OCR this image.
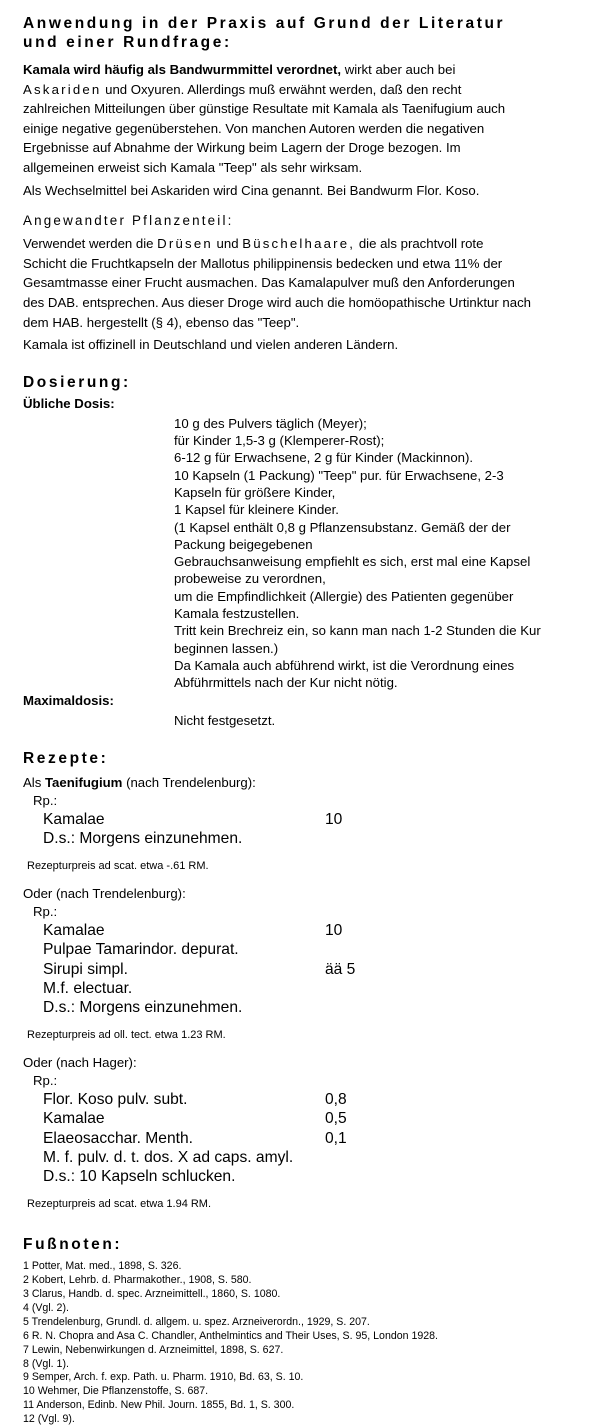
Anwendung in der Praxis auf Grund der Literatur
und einer Rundfrage:

Kamala wird häufig als Bandwurmmittel verordnet, wirkt aber auch bei
Askariden und Oxyuren. Allerdings muß erwähnt werden, daß den recht
zahlreichen Mitteilungen über günstige Resultate mit Kamala als Taenifugium auch
einige negative gegenüberstehen. Von manchen Autoren werden die negativen
Ergebnisse auf Abnahme der Wirkung beim Lagern der Droge bezogen. Im
allgemeinen erweist sich Kamala "Teep" als sehr wirksam.

Als Wechselmittel bei Askariden wird Cina genannt. Bei Bandwurm Flor. Koso.

Angewandter Pflanzenteil:

Verwendet werden die Drüsen und Büschelhaare, die als prachtvoll rote
Schicht die Fruchtkapseln der Mallotus philippinensis bedecken und etwa 11% der
Gesamtmasse einer Frucht ausmachen. Das Kamalapulver muß den Anforderungen
des DAB. entsprechen. Aus dieser Droge wird auch die homöopathische Urtinktur nach
dem HAB. hergestellt (§ 4), ebenso das "Teep".

Kamala ist offizinell in Deutschland und vielen anderen Ländern.

Dosierung:

Übliche Dosis:

10 g des Pulvers täglich (Meyer);
für Kinder 1,5-3 g (Klemperer-Rost);
6-12 g für Erwachsene, 2 g für Kinder (Mackinnon).
10 Kapseln (1 Packung) "Teep" pur. für Erwachsene, 2-3
Kapseln für größere Kinder,
1 Kapsel für kleinere Kinder.
(1 Kapsel enthält 0,8 g Pflanzensubstanz. Gemäß der der
Packung beigegebenen
Gebrauchsanweisung empfiehlt es sich, erst mal eine Kapsel
probeweise zu verordnen,
um die Empfindlichkeit (Allergie) des Patienten gegenüber
Kamala festzustellen.
Tritt kein Brechreiz ein, so kann man nach 1-2 Stunden die Kur
beginnen lassen.)
Da Kamala auch abführend wirkt, ist die Verordnung eines
Abführmittels nach der Kur nicht nötig.

Maximaldosis:

Nicht festgesetzt.
Rezepte:

Als Taenifugium (nach Trendelenburg):

Rp.:

Kamalae	10
D.s.: Morgens einzunehmen.

Rezepturpreis ad scat. etwa -.61 RM.

Oder (nach Trendelenburg):

Rp.:

Kamalae	10
Pulpae Tamarindor. depurat.
Sirupi simpl.	ää 5
M.f. electuar.
D.s.: Morgens einzunehmen.

Rezepturpreis ad oll. tect. etwa 1.23 RM.

Oder (nach Hager):

Rp.:

Flor. Koso pulv. subt.	0,8
Kamalae	0,5
Elaeosacchar. Menth.	0,1
M. f. pulv. d. t. dos. X ad caps. amyl.
D.s.: 10 Kapseln schlucken.

Rezepturpreis ad scat. etwa 1.94 RM.

Fußnoten:

1 Potter, Mat. med., 1898, S. 326.

2 Kobert, Lehrb. d. Pharmakother., 1908, S. 580.

3 Clarus, Handb. d. spec. Arzneimittell., 1860, S. 1080.

4 (Vgl. 2).

5 Trendelenburg, Grundl. d. allgem. u. spez. Arzneiverordn., 1929, S. 207.

6 R. N. Chopra and Asa C. Chandler, Anthelmintics and Their Uses, S. 95, London 1928.

7 Lewin, Nebenwirkungen d. Arzneimittel, 1898, S. 627.

8 (Vgl. 1).

9 Semper, Arch. f. exp. Path. u. Pharm. 1910, Bd. 63, S. 10.

10 Wehmer, Die Pflanzenstoffe, S. 687.

11 Anderson, Edinb. New Phil. Journ. 1855, Bd. 1, S. 300.

12 (Vgl. 9).
